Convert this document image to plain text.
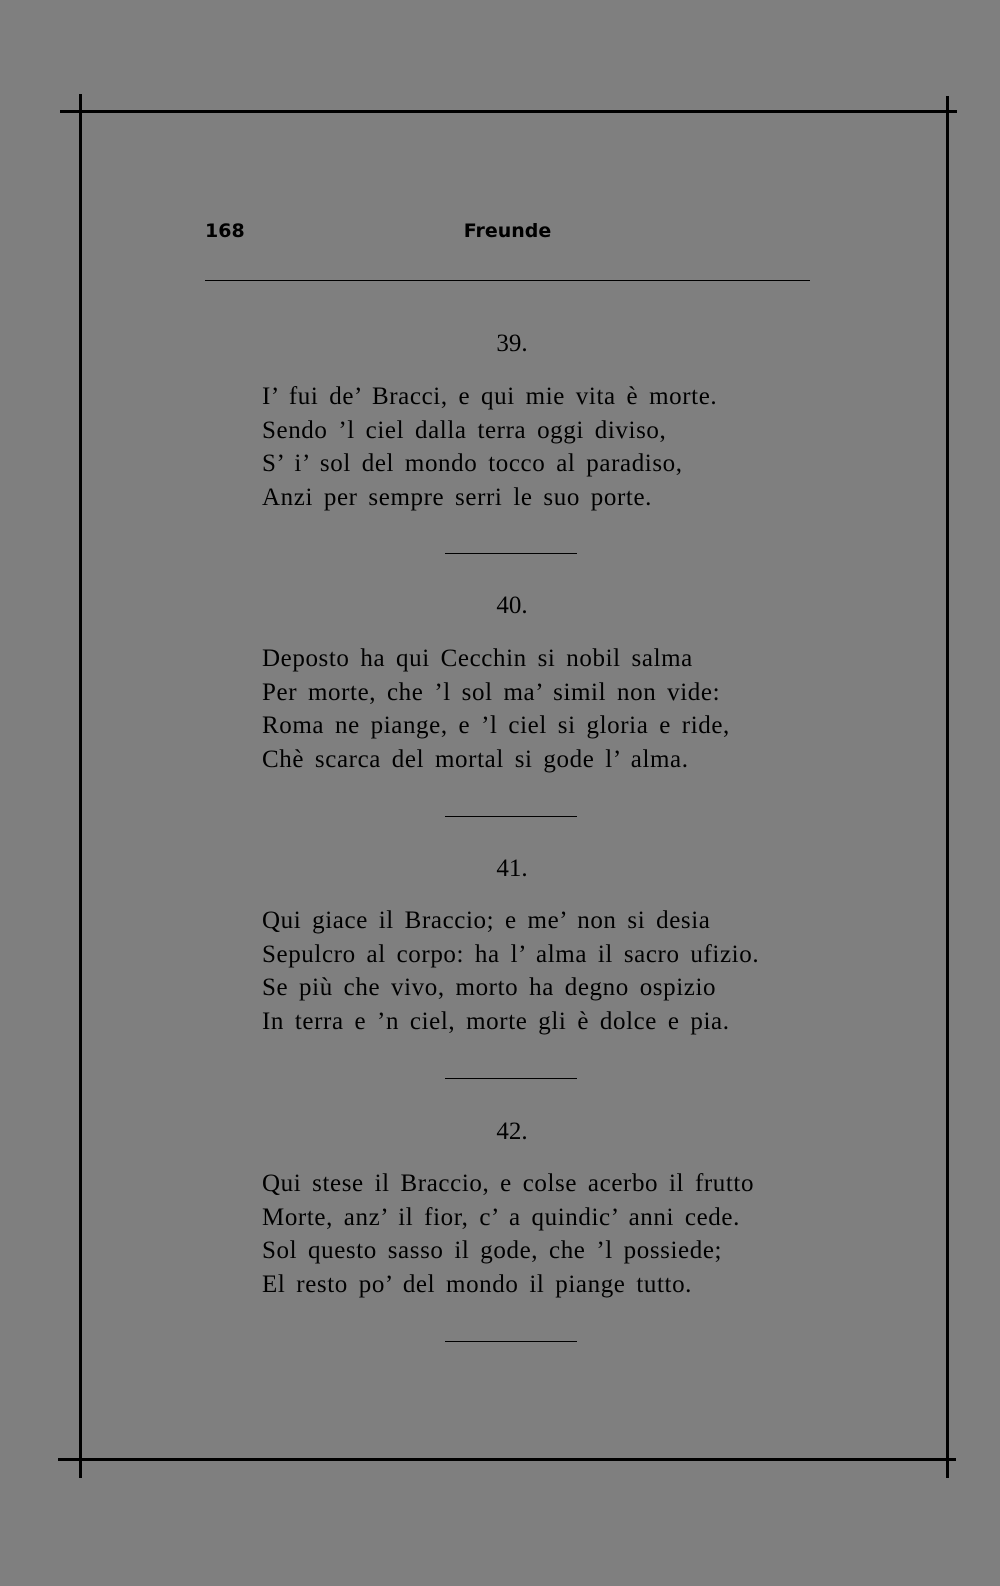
168	Freunde
39.
I’ fui de’ Bracci, e qui mie vita è morte.
Sendo ’l ciel dalla terra oggi diviso,
S’ i’ sol del mondo tocco al paradiso,
Anzi per sempre serri le suo porte.
40.
Deposto ha qui Cecchin si nobil salma
Per morte, che ’l sol ma’ simil non vide:
Roma ne piange, e ’l ciel si gloria e ride,
Chè scarca del mortal si gode l’ alma.
41.
Qui giace il Braccio; e me’ non si desia
Sepulcro al corpo: ha l’ alma il sacro ufizio.
Se più che vivo, morto ha degno ospizio
In terra e ’n ciel, morte gli è dolce e pia.
42.
Qui stese il Braccio, e colse acerbo il frutto
Morte, anz’ il fior, c’ a quindic’ anni cede.
Sol questo sasso il gode, che ’l possiede;
El resto po’ del mondo il piange tutto.
